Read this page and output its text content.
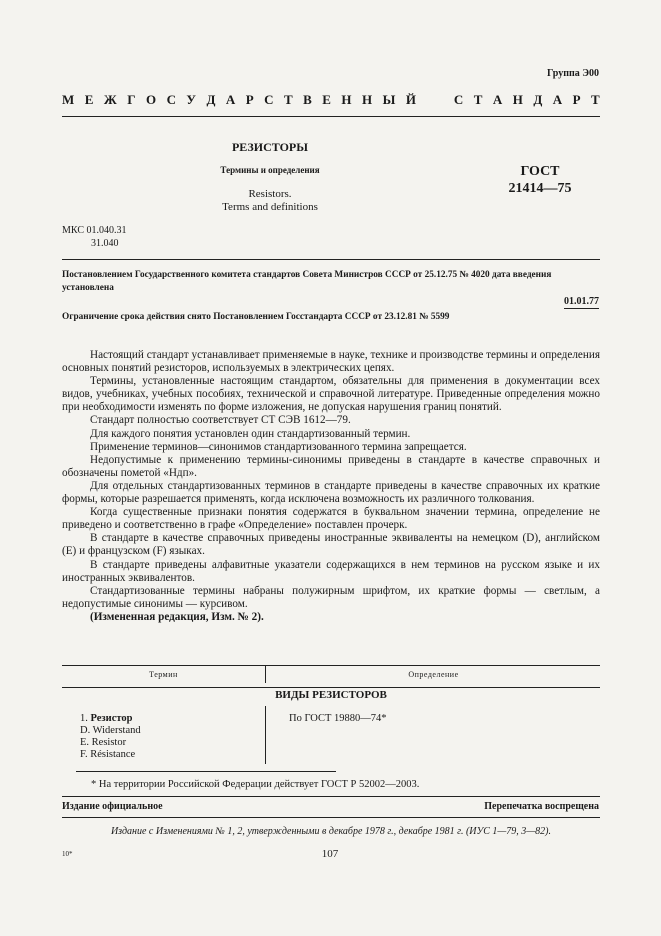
Группа Э00
М Е Ж Г О С У Д А Р С Т В Е Н Н Ы Й

	С Т А Н Д А Р Т
РЕЗИСТОРЫ
Термины и определения
Resistors.
Terms and definitions
ГОСТ
21414—75
МКС 01.040.31
31.040
Постановлением Государственного комитета стандартов Совета Министров СССР от 25.12.75 № 4020 дата введения установлена
01.01.77
Ограничение срока действия снято Постановлением Госстандарта СССР от 23.12.81 № 5599

Настоящий стандарт устанавливает применяемые в науке, технике и производстве термины и определения основных понятий резисторов, используемых в электрических цепях.

Термины, установленные настоящим стандартом, обязательны для применения в документации всех видов, учебниках, учебных пособиях, технической и справочной литературе. Приведенные определения можно при необходимости изменять по форме изложения, не допуская нарушения границ понятий.

Стандарт полностью соответствует СТ СЭВ 1612—79.

Для каждого понятия установлен один стандартизованный термин.

Применение терминов—синонимов стандартизованного термина запрещается.

Недопустимые к применению термины-синонимы приведены в стандарте в качестве справочных и обозначены пометой «Ндп».

Для отдельных стандартизованных терминов в стандарте приведены в качестве справочных их краткие формы, которые разрешается применять, когда исключена возможность их различного толкования.

Когда существенные признаки понятия содержатся в буквальном значении термина, определение не приведено и соответственно в графе «Определение» поставлен прочерк.

В стандарте в качестве справочных приведены иностранные эквиваленты на немецком (D), английском (E) и французском (F) языках.

В стандарте приведены алфавитные указатели содержащихся в нем терминов на русском языке и их иностранных эквивалентов.

Стандартизованные термины набраны полужирным шрифтом, их краткие формы — светлым, а недопустимые синонимы — курсивом.

(Измененная редакция, Изм. № 2).

Термин	Определение
ВИДЫ РЕЗИСТОРОВ
1. Резистор
D. Widerstand
E. Resistor
F. Résistance
По ГОСТ 19880—74*
* На территории Российской Федерации действует ГОСТ Р 52002—2003.
Издание официальное	Перепечатка воспрещена
Издание с Изменениями № 1, 2, утвержденными в декабре 1978 г., декабре 1981 г. (ИУС 1—79, 3—82).
10*	107
